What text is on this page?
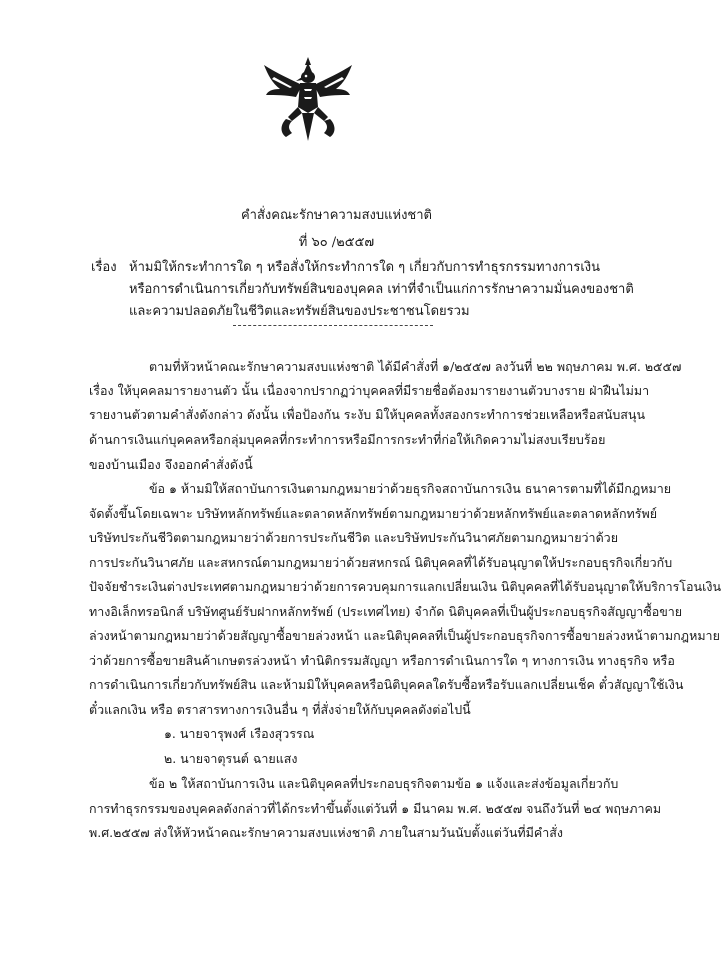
คำสั่งคณะรักษาความสงบแห่งชาติ
ที่ ๖๐ /๒๕๕๗
เรื่อง ห้ามมิให้กระทำการใด ๆ หรือสั่งให้กระทำการใด ๆ เกี่ยวกับการทำธุรกรรมทางการเงิน
หรือการดำเนินการเกี่ยวกับทรัพย์สินของบุคคล เท่าที่จำเป็นแก่การรักษาความมั่นคงของชาติ
และความปลอดภัยในชีวิตและทรัพย์สินของประชาชนโดยรวม
ตามที่หัวหน้าคณะรักษาความสงบแห่งชาติ ได้มีคำสั่งที่ ๑/๒๕๕๗ ลงวันที่ ๒๒ พฤษภาคม พ.ศ. ๒๕๕๗
เรื่อง ให้บุคคลมารายงานตัว นั้น เนื่องจากปรากฏว่าบุคคลที่มีรายชื่อต้องมารายงานตัวบางราย ฝ่าฝืนไม่มา
รายงานตัวตามคำสั่งดังกล่าว ดังนั้น เพื่อป้องกัน ระงับ มิให้บุคคลทั้งสองกระทำการช่วยเหลือหรือสนับสนุน
ด้านการเงินแก่บุคคลหรือกลุ่มบุคคลที่กระทำการหรือมีการกระทำที่ก่อให้เกิดความไม่สงบเรียบร้อย
ของบ้านเมือง จึงออกคำสั่งดังนี้
ข้อ ๑ ห้ามมิให้สถาบันการเงินตามกฎหมายว่าด้วยธุรกิจสถาบันการเงิน ธนาคารตามที่ได้มีกฎหมาย
จัดตั้งขึ้นโดยเฉพาะ บริษัทหลักทรัพย์และตลาดหลักทรัพย์ตามกฎหมายว่าด้วยหลักทรัพย์และตลาดหลักทรัพย์
บริษัทประกันชีวิตตามกฎหมายว่าด้วยการประกันชีวิต และบริษัทประกันวินาศภัยตามกฎหมายว่าด้วย
การประกันวินาศภัย และสหกรณ์ตามกฎหมายว่าด้วยสหกรณ์ นิติบุคคลที่ได้รับอนุญาตให้ประกอบธุรกิจเกี่ยวกับ
ปัจจัยชำระเงินต่างประเทศตามกฎหมายว่าด้วยการควบคุมการแลกเปลี่ยนเงิน นิติบุคคลที่ได้รับอนุญาตให้บริการโอนเงิน
ทางอิเล็กทรอนิกส์ บริษัทศูนย์รับฝากหลักทรัพย์ (ประเทศไทย) จำกัด นิติบุคคลที่เป็นผู้ประกอบธุรกิจสัญญาซื้อขาย
ล่วงหน้าตามกฎหมายว่าด้วยสัญญาซื้อขายล่วงหน้า และนิติบุคคลที่เป็นผู้ประกอบธุรกิจการซื้อขายล่วงหน้าตามกฎหมาย
ว่าด้วยการซื้อขายสินค้าเกษตรล่วงหน้า ทำนิติกรรมสัญญา หรือการดำเนินการใด ๆ ทางการเงิน ทางธุรกิจ หรือ
การดำเนินการเกี่ยวกับทรัพย์สิน และห้ามมิให้บุคคลหรือนิติบุคคลใดรับซื้อหรือรับแลกเปลี่ยนเช็ค ตั๋วสัญญาใช้เงิน
ตั๋วแลกเงิน หรือ ตราสารทางการเงินอื่น ๆ ที่สั่งจ่ายให้กับบุคคลดังต่อไปนี้
๑. นายจารุพงศ์ เรืองสุวรรณ
๒. นายจาตุรนต์ ฉายแสง
ข้อ ๒ ให้สถาบันการเงิน และนิติบุคคลที่ประกอบธุรกิจตามข้อ ๑ แจ้งและส่งข้อมูลเกี่ยวกับ
การทำธุรกรรมของบุคคลดังกล่าวที่ได้กระทำขึ้นตั้งแต่วันที่ ๑ มีนาคม พ.ศ. ๒๕๕๗ จนถึงวันที่ ๒๔ พฤษภาคม
พ.ศ.๒๕๕๗ ส่งให้หัวหน้าคณะรักษาความสงบแห่งชาติ ภายในสามวันนับตั้งแต่วันที่มีคำสั่ง
